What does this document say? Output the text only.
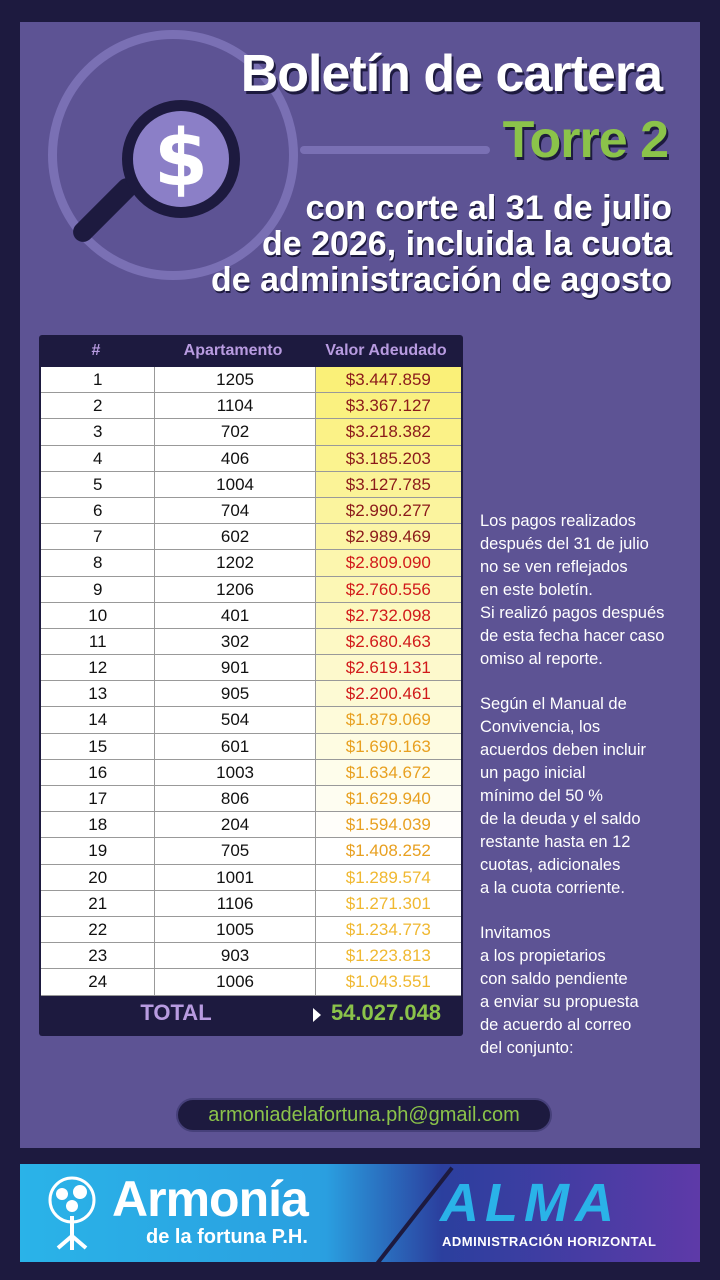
$
Boletín de cartera
Torre 2
con corte al 31 de julio
de 2026, incluida la cuota
de administración de agosto
#	Apartamento	Valor Adeudado
1	1205	$3.447.859
2	1104	$3.367.127
3	702	$3.218.382
4	406	$3.185.203
5	1004	$3.127.785
6	704	$2.990.277
7	602	$2.989.469
8	1202	$2.809.090
9	1206	$2.760.556
10	401	$2.732.098
11	302	$2.680.463
12	901	$2.619.131
13	905	$2.200.461
14	504	$1.879.069
15	601	$1.690.163
16	1003	$1.634.672
17	806	$1.629.940
18	204	$1.594.039
19	705	$1.408.252
20	1001	$1.289.574
21	1106	$1.271.301
22	1005	$1.234.773
23	903	$1.223.813
24	1006	$1.043.551
TOTAL	54.027.048

Los pagos realizados
después del 31 de julio
no se ven reflejados
en este boletín.
Si realizó pagos después
de esta fecha hacer caso
omiso al reporte.

Según el Manual de
Convivencia, los
acuerdos deben incluir
un pago inicial
mínimo del 50 %
de la deuda y el saldo
restante hasta en 12
cuotas, adicionales
a la cuota corriente.

Invitamos
a los propietarios
con saldo pendiente
a enviar su propuesta
de acuerdo al correo
del conjunto:

armoniadelafortuna.ph@gmail.com
Armonía
de la fortuna P.H.
ALMA
ADMINISTRACIÓN HORIZONTAL
